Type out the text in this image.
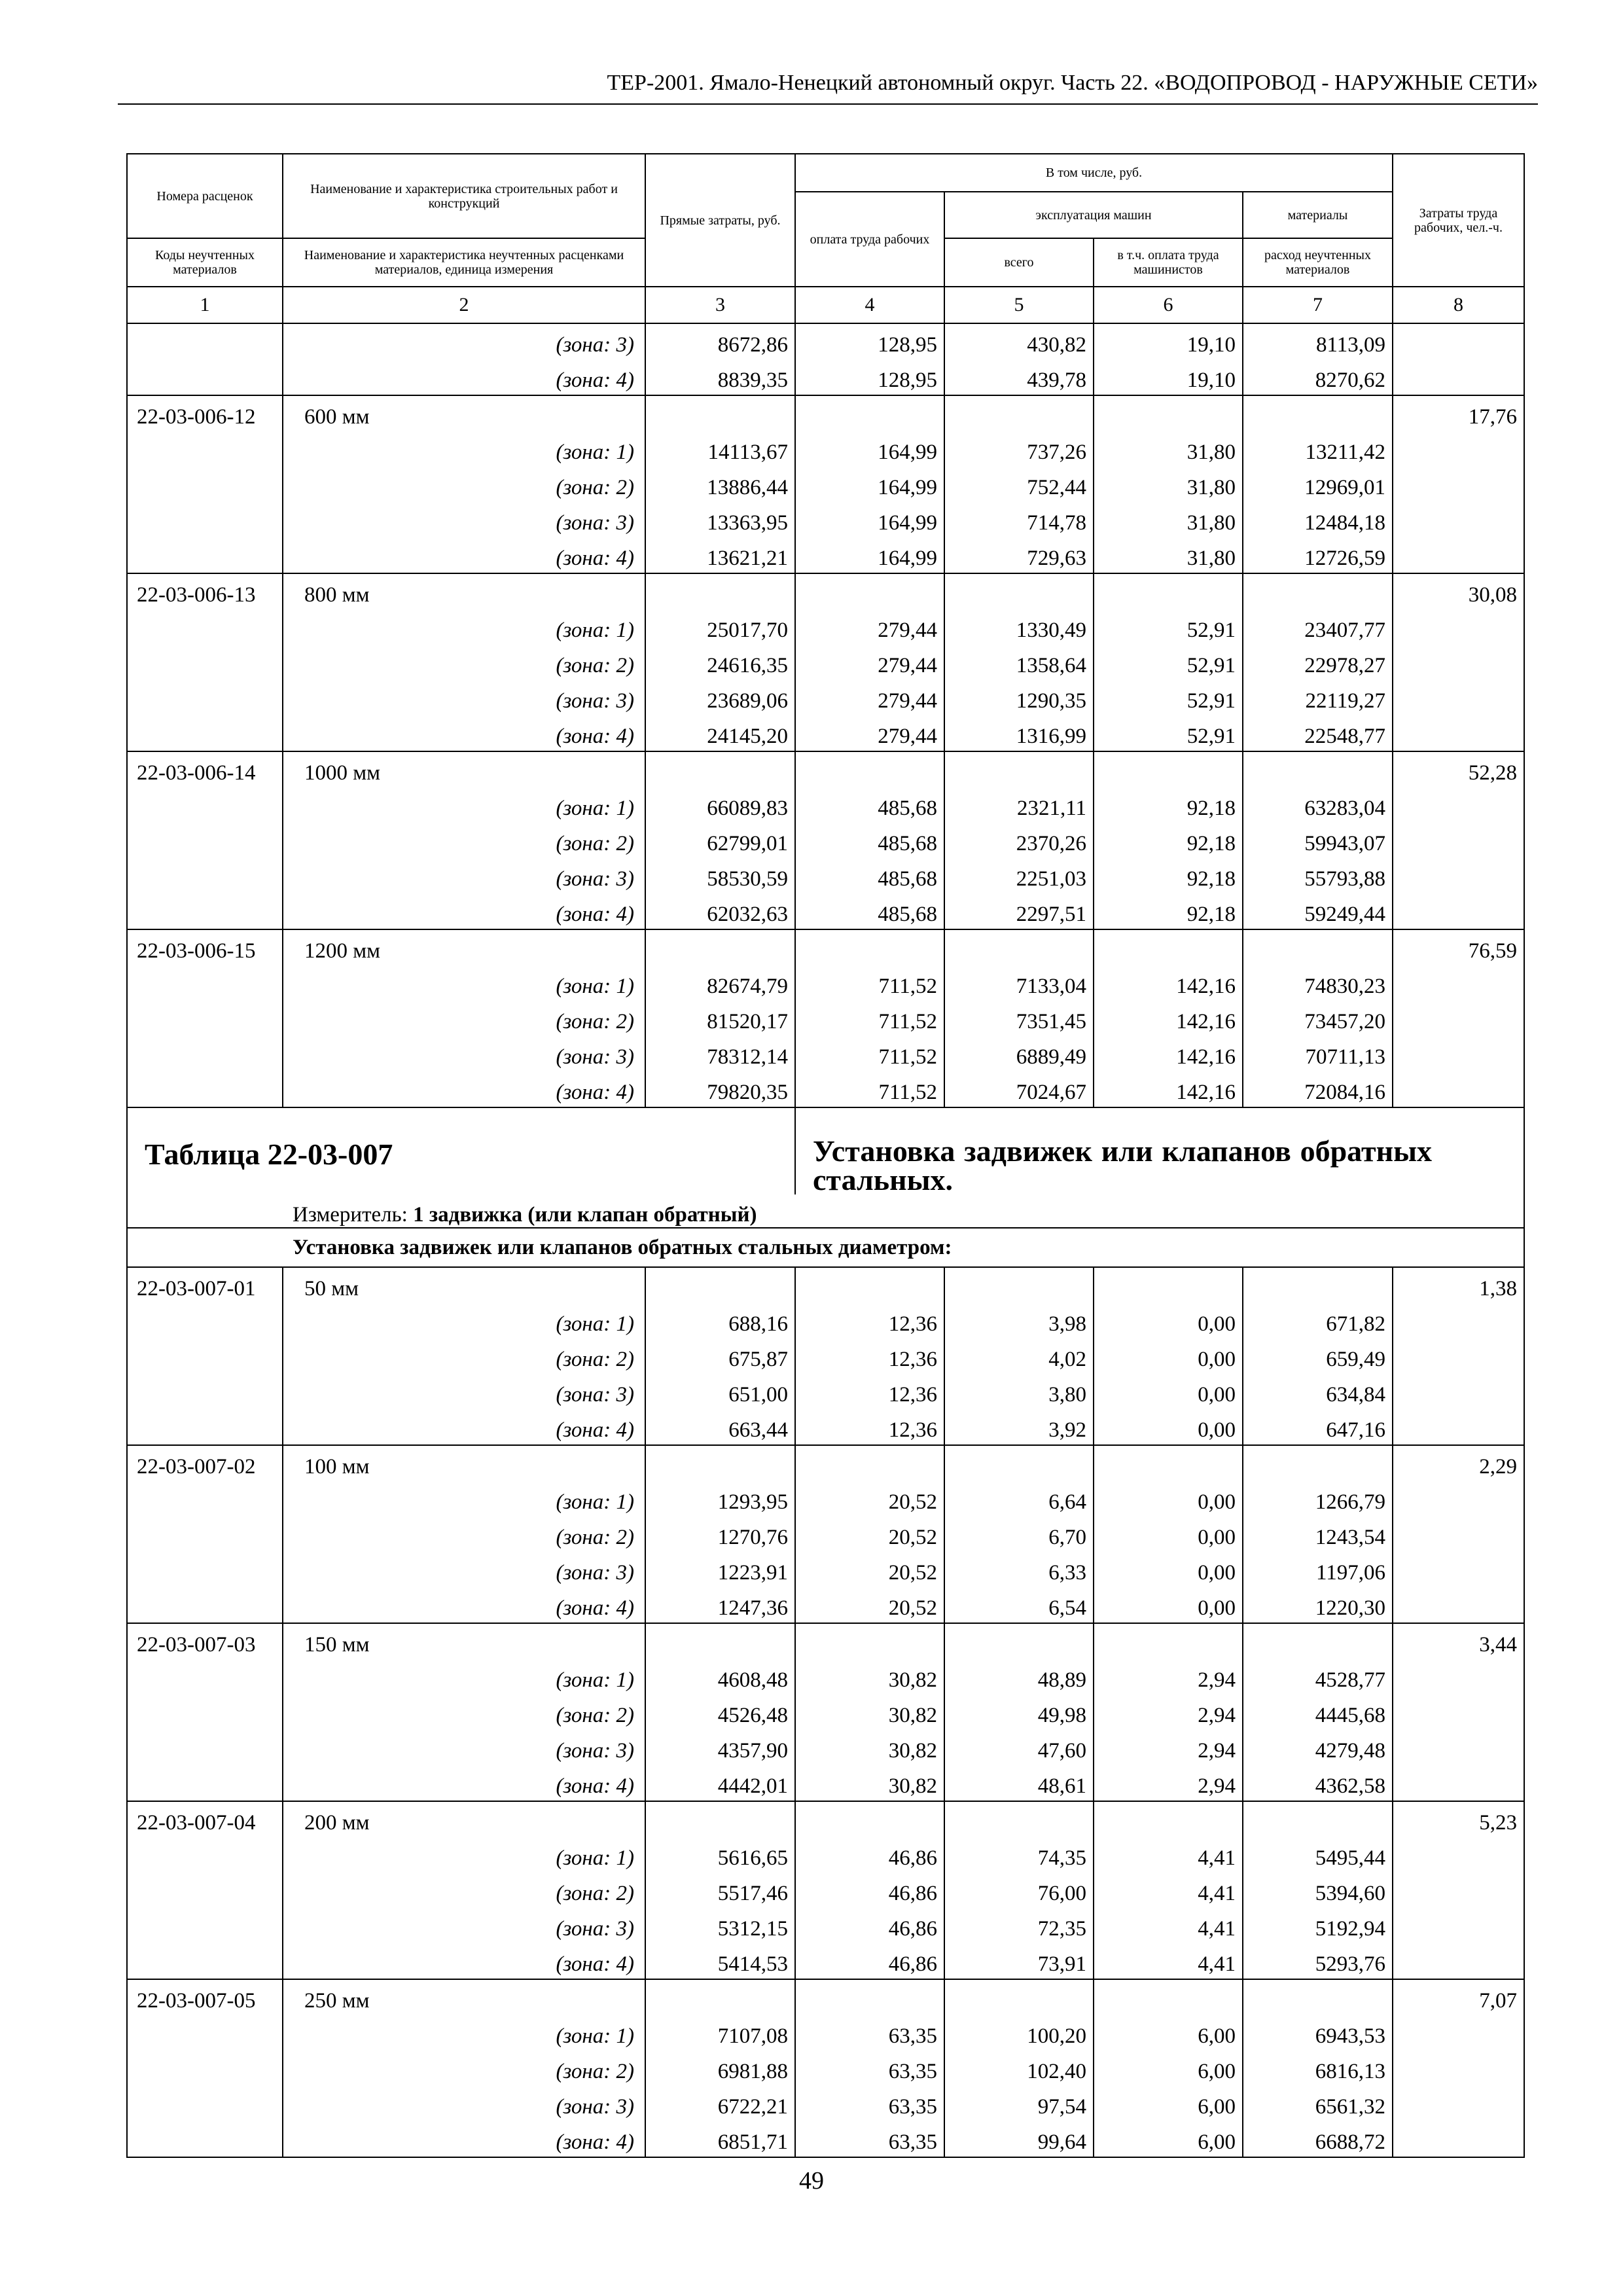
ТЕР-2001. Ямало-Ненецкий автономный округ. Часть 22. «ВОДОПРОВОД - НАРУЖНЫЕ СЕТИ»
Номера расценок	Наименование и характеристика строительных работ и конструкций	Прямые затраты, руб.	В том числе, руб.				Затраты труда рабочих, чел.-ч.
			оплата труда рабочих	эксплуатация машин		материалы	
Коды неучтенных материалов	Наименование и характеристика неучтенных расценками материалов, единица измерения			всего	в т.ч. оплата труда машинистов	расход неучтенных материалов	
1	2	3	4	5	6	7	8
	(зона: 3)	8672,86	128,95	430,82	19,10	8113,09	
	(зона: 4)	8839,35	128,95	439,78	19,10	8270,62	
22-03-006-12	600 мм						17,76
	(зона: 1)	14113,67	164,99	737,26	31,80	13211,42	
	(зона: 2)	13886,44	164,99	752,44	31,80	12969,01	
	(зона: 3)	13363,95	164,99	714,78	31,80	12484,18	
	(зона: 4)	13621,21	164,99	729,63	31,80	12726,59	
22-03-006-13	800 мм						30,08
	(зона: 1)	25017,70	279,44	1330,49	52,91	23407,77	
	(зона: 2)	24616,35	279,44	1358,64	52,91	22978,27	
	(зона: 3)	23689,06	279,44	1290,35	52,91	22119,27	
	(зона: 4)	24145,20	279,44	1316,99	52,91	22548,77	
22-03-006-14	1000 мм						52,28
	(зона: 1)	66089,83	485,68	2321,11	92,18	63283,04	
	(зона: 2)	62799,01	485,68	2370,26	92,18	59943,07	
	(зона: 3)	58530,59	485,68	2251,03	92,18	55793,88	
	(зона: 4)	62032,63	485,68	2297,51	92,18	59249,44	
22-03-006-15	1200 мм						76,59
	(зона: 1)	82674,79	711,52	7133,04	142,16	74830,23	
	(зона: 2)	81520,17	711,52	7351,45	142,16	73457,20	
	(зона: 3)	78312,14	711,52	6889,49	142,16	70711,13	
	(зона: 4)	79820,35	711,52	7024,67	142,16	72084,16	
Таблица 22-03-007			Установка задвижек или клапанов обратных стальных.				
Измеритель: 1 задвижка (или клапан обратный)							
Установка задвижек или клапанов обратных стальных диаметром:							
22-03-007-01	50 мм						1,38
	(зона: 1)	688,16	12,36	3,98	0,00	671,82	
	(зона: 2)	675,87	12,36	4,02	0,00	659,49	
	(зона: 3)	651,00	12,36	3,80	0,00	634,84	
	(зона: 4)	663,44	12,36	3,92	0,00	647,16	
22-03-007-02	100 мм						2,29
	(зона: 1)	1293,95	20,52	6,64	0,00	1266,79	
	(зона: 2)	1270,76	20,52	6,70	0,00	1243,54	
	(зона: 3)	1223,91	20,52	6,33	0,00	1197,06	
	(зона: 4)	1247,36	20,52	6,54	0,00	1220,30	
22-03-007-03	150 мм						3,44
	(зона: 1)	4608,48	30,82	48,89	2,94	4528,77	
	(зона: 2)	4526,48	30,82	49,98	2,94	4445,68	
	(зона: 3)	4357,90	30,82	47,60	2,94	4279,48	
	(зона: 4)	4442,01	30,82	48,61	2,94	4362,58	
22-03-007-04	200 мм						5,23
	(зона: 1)	5616,65	46,86	74,35	4,41	5495,44	
	(зона: 2)	5517,46	46,86	76,00	4,41	5394,60	
	(зона: 3)	5312,15	46,86	72,35	4,41	5192,94	
	(зона: 4)	5414,53	46,86	73,91	4,41	5293,76	
22-03-007-05	250 мм						7,07
	(зона: 1)	7107,08	63,35	100,20	6,00	6943,53	
	(зона: 2)	6981,88	63,35	102,40	6,00	6816,13	
	(зона: 3)	6722,21	63,35	97,54	6,00	6561,32	
	(зона: 4)	6851,71	63,35	99,64	6,00	6688,72	
49
